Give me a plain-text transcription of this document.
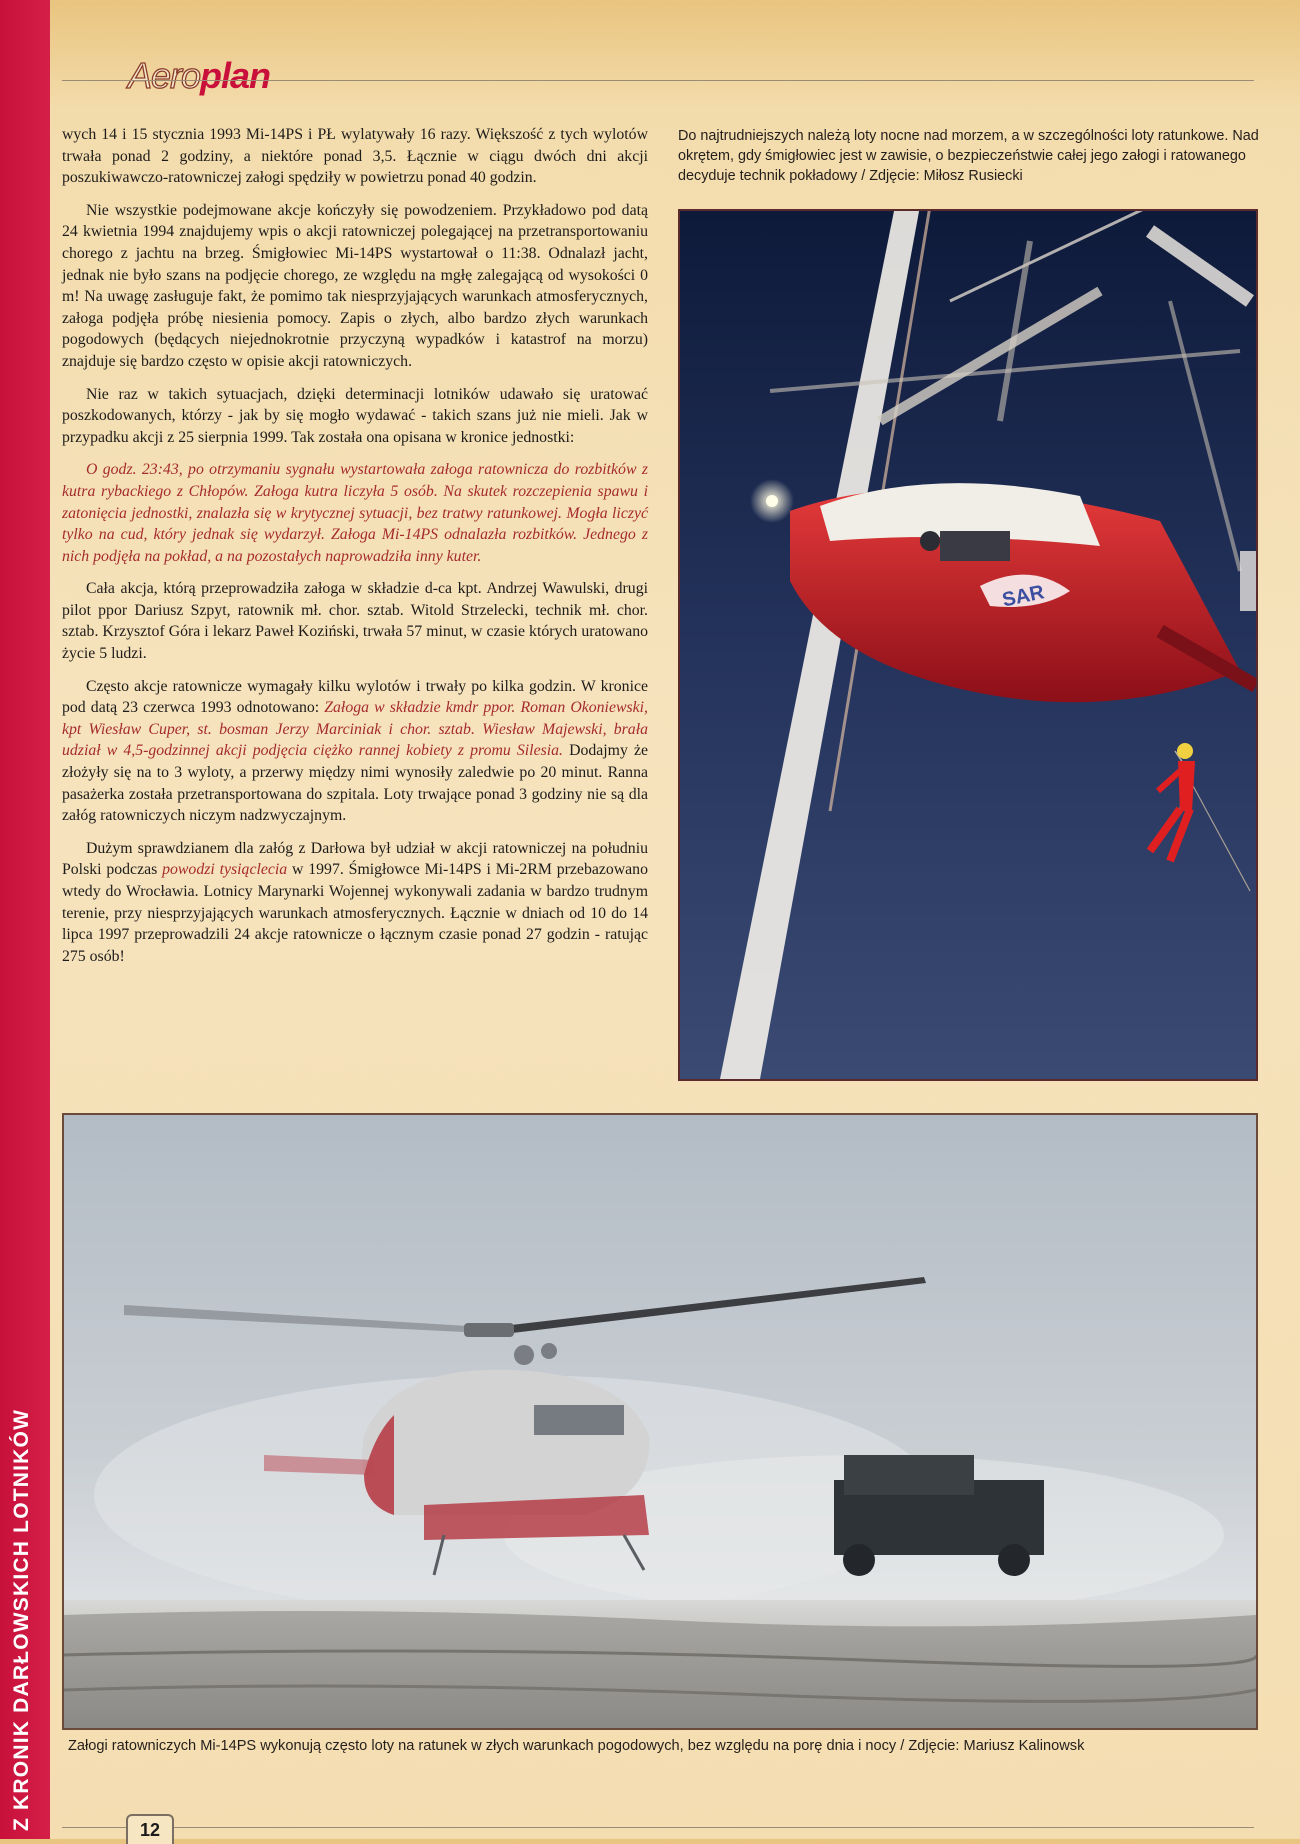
Z KRONIK DARŁOWSKICH LOTNIKÓW
Aeroplan

wych 14 i 15 stycznia 1993 Mi-14PS i PŁ wylatywały 16 razy. Większość z tych wylotów trwała ponad 2 godziny, a niektóre ponad 3,5. Łącznie w ciągu dwóch dni akcji poszukiwawczo-ratowniczej załogi spędziły w powietrzu ponad 40 godzin.

Nie wszystkie podejmowane akcje kończyły się powodzeniem. Przykładowo pod datą 24 kwietnia 1994 znajdujemy wpis o akcji ratowniczej polegającej na przetransportowaniu chorego z jachtu na brzeg. Śmigłowiec Mi-14PS wystartował o 11:38. Odnalazł jacht, jednak nie było szans na podjęcie chorego, ze względu na mgłę zalegającą od wysokości 0 m! Na uwagę zasługuje fakt, że pomimo tak niesprzyjających warunkach atmosferycznych, załoga podjęła próbę niesienia pomocy. Zapis o złych, albo bardzo złych warunkach pogodowych (będących niejednokrotnie przyczyną wypadków i katastrof na morzu) znajduje się bardzo często w opisie akcji ratowniczych.

Nie raz w takich sytuacjach, dzięki determinacji lotników udawało się uratować poszkodowanych, którzy - jak by się mogło wydawać - takich szans już nie mieli. Jak w przypadku akcji z 25 sierpnia 1999. Tak została ona opisana w kronice jednostki:

O godz. 23:43, po otrzymaniu sygnału wystartowała załoga ratownicza do rozbitków z kutra rybackiego z Chłopów. Załoga kutra liczyła 5 osób. Na skutek rozczepienia spawu i zatonięcia jednostki, znalazła się w krytycznej sytuacji, bez tratwy ratunkowej. Mogła liczyć tylko na cud, który jednak się wydarzył. Załoga Mi-14PS odnalazła rozbitków. Jednego z nich podjęła na pokład, a na pozostałych naprowadziła inny kuter.

Cała akcja, którą przeprowadziła załoga w składzie d-ca kpt. Andrzej Wawulski, drugi pilot ppor Dariusz Szpyt, ratownik mł. chor. sztab. Witold Strzelecki, technik mł. chor. sztab. Krzysztof Góra i lekarz Paweł Koziński, trwała 57 minut, w czasie których uratowano życie 5 ludzi.

Często akcje ratownicze wymagały kilku wylotów i trwały po kilka godzin. W kronice pod datą 23 czerwca 1993 odnotowano: Załoga w składzie kmdr ppor. Roman Okoniewski, kpt Wiesław Cuper, st. bosman Jerzy Marciniak i chor. sztab. Wiesław Majewski, brała udział w 4,5-godzinnej akcji podjęcia ciężko rannej kobiety z promu Silesia. Dodajmy że złożyły się na to 3 wyloty, a przerwy między nimi wynosiły zaledwie po 20 minut. Ranna pasażerka została przetransportowana do szpitala. Loty trwające ponad 3 godziny nie są dla załóg ratowniczych niczym nadzwyczajnym.

Dużym sprawdzianem dla załóg z Darłowa był udział w akcji ratowniczej na południu Polski podczas powodzi tysiąclecia w 1997. Śmigłowce Mi-14PS i Mi-2RM przebazowano wtedy do Wrocławia. Lotnicy Marynarki Wojennej wykonywali zadania w bardzo trudnym terenie, przy niesprzyjających warunkach atmosferycznych. Łącznie w dniach od 10 do 14 lipca 1997 przeprowadzili 24 akcje ratownicze o łącznym czasie ponad 27 godzin - ratując 275 osób!

Do najtrudniejszych należą loty nocne nad morzem, a w szczególności loty ratunkowe. Nad okrętem, gdy śmigłowiec jest w zawisie, o bezpieczeństwie całej jego załogi i ratowanego decyduje technik pokładowy / Zdjęcie: Miłosz Rusiecki
SAR
Załogi ratowniczych Mi-14PS wykonują często loty na ratunek w złych warunkach pogodowych, bez względu na porę dnia i nocy / Zdjęcie: Mariusz Kalinowsk
12
